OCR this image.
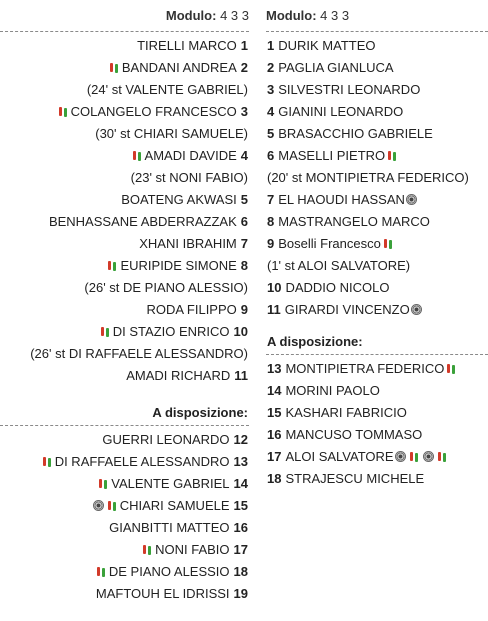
Modulo: 4 3 3
TIRELLI MARCO 1
BANDANI ANDREA 2
(24' st VALENTE GABRIEL)
COLANGELO FRANCESCO 3
(30' st CHIARI SAMUELE)
AMADI DAVIDE 4
(23' st NONI FABIO)
BOATENG AKWASI 5
BENHASSANE ABDERRAZZAK 6
XHANI IBRAHIM 7
EURIPIDE SIMONE 8
(26' st DE PIANO ALESSIO)
RODA FILIPPO 9
DI STAZIO ENRICO 10
(26' st DI RAFFAELE ALESSANDRO)
AMADI RICHARD 11
A disposizione:
GUERRI LEONARDO 12
DI RAFFAELE ALESSANDRO 13
VALENTE GABRIEL 14
CHIARI SAMUELE 15
GIANBITTI MATTEO 16
NONI FABIO 17
DE PIANO ALESSIO 18
MAFTOUH EL IDRISSI 19
Modulo: 4 3 3
1 DURIK MATTEO
2 PAGLIA GIANLUCA
3 SILVESTRI LEONARDO
4 GIANINI LEONARDO
5 BRASACCHIO GABRIELE
6 MASELLI PIETRO
(20' st MONTIPIETRA FEDERICO)
7 EL HAOUDI HASSAN
8 MASTRANGELO MARCO
9 Boselli Francesco
(1' st ALOI SALVATORE)
10 DADDIO NICOLO
11 GIRARDI VINCENZO
A disposizione:
13 MONTIPIETRA FEDERICO
14 MORINI PAOLO
15 KASHARI FABRICIO
16 MANCUSO TOMMASO
17 ALOI SALVATORE
18 STRAJESCU MICHELE
